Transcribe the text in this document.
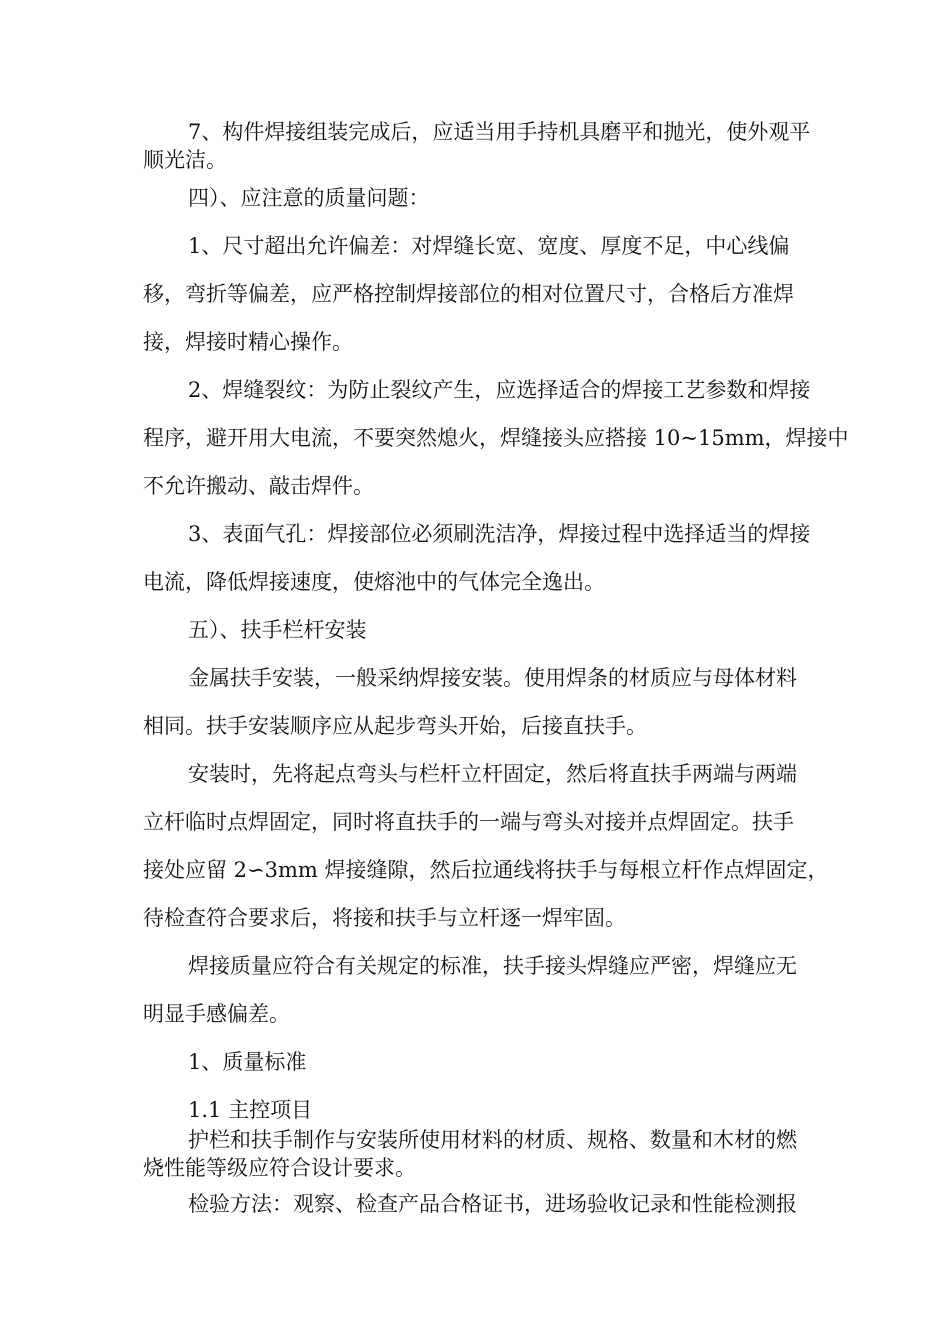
7、构件焊接组装完成后，应适当用手持机具磨平和抛光，使外观平
顺光洁。
四）、应注意的质量问题：
1、尺寸超出允许偏差：对焊缝长宽、宽度、厚度不足，中心线偏
移，弯折等偏差，应严格控制焊接部位的相对位置尺寸，合格后方准焊
接，焊接时精心操作。
2、焊缝裂纹：为防止裂纹产生，应选择适合的焊接工艺参数和焊接
程序，避开用大电流，不要突然熄火，焊缝接头应搭接 10~15mm，焊接中
不允许搬动、敲击焊件。
3、表面气孔：焊接部位必须刷洗洁净，焊接过程中选择适当的焊接
电流，降低焊接速度，使熔池中的气体完全逸出。
五）、扶手栏杆安装
金属扶手安装，一般采纳焊接安装。使用焊条的材质应与母体材料
相同。扶手安装顺序应从起步弯头开始，后接直扶手。
安装时，先将起点弯头与栏杆立杆固定，然后将直扶手两端与两端
立杆临时点焊固定，同时将直扶手的一端与弯头对接并点焊固定。扶手
接处应留 2∽3mm 焊接缝隙，然后拉通线将扶手与每根立杆作点焊固定，
待检查符合要求后，将接和扶手与立杆逐一焊牢固。
焊接质量应符合有关规定的标准，扶手接头焊缝应严密，焊缝应无
明显手感偏差。
1、质量标准
1.1 主控项目
护栏和扶手制作与安装所使用材料的材质、规格、数量和木材的燃
烧性能等级应符合设计要求。
检验方法：观察、检查产品合格证书，进场验收记录和性能检测报
